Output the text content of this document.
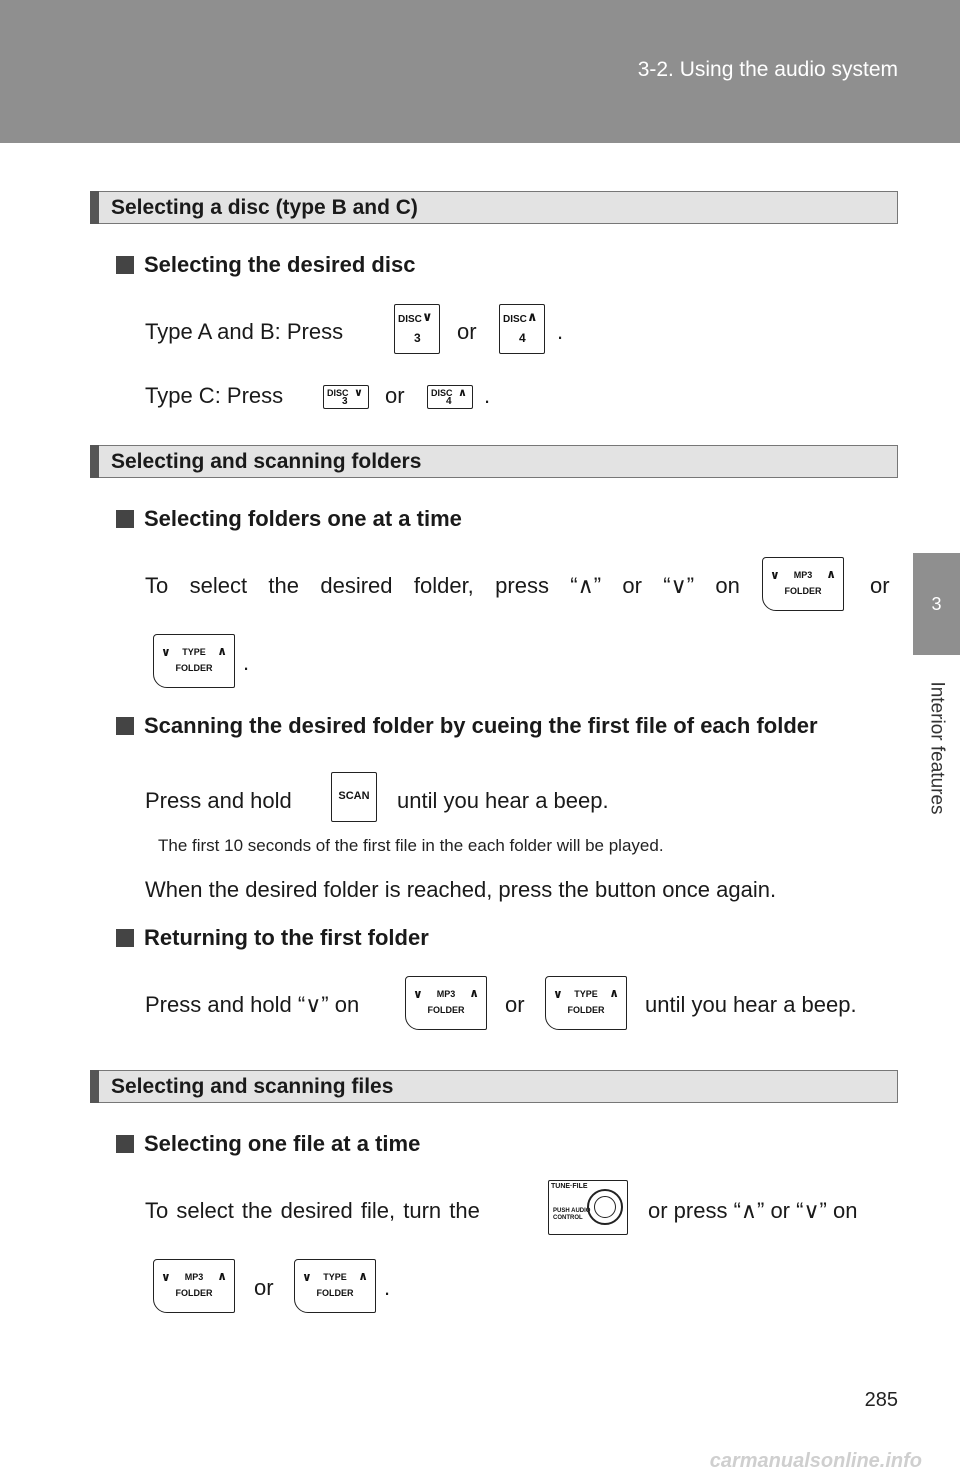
3-2. Using the audio system
3
Interior features
Selecting a disc (type B and C)
Selecting the desired disc
Type A and B: Press	DISC ∨
3 or	DISC ∧
4 .
Type C: Press	DISC ∨
3 or	DISC ∧
4 .
Selecting and scanning folders
Selecting folders one at a time
To select the desired folder, press “∧” or “∨” on	∨	MP3
FOLDER
∧ or
∨	TYPE
FOLDER
∧ .
Scanning the desired folder by cueing the first file of each folder
Press and hold	SCAN until you hear a beep.
The first 10 seconds of the first file in the each folder will be played.
When the desired folder is reached, press the button once again.
Returning to the first folder
Press and hold “∨” on	∨	MP3
FOLDER
∧ or ∨	TYPE
FOLDER
∧ until you hear a beep.
Selecting and scanning files
Selecting one file at a time
To select the desired file, turn the
TUNE·FILE
PUSH AUDIO CONTROL	or press “∧” or “∨” on
∨	MP3
FOLDER
∧ or ∨	TYPE
FOLDER
∧ .
285
carmanualsonline.info
